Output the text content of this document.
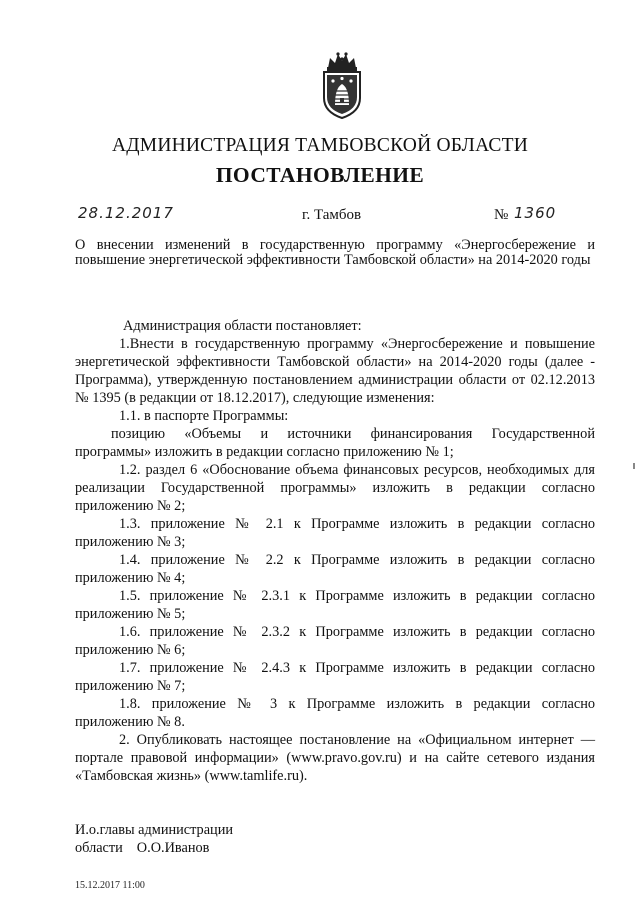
АДМИНИСТРАЦИЯ ТАМБОВСКОЙ ОБЛАСТИ
ПОСТАНОВЛЕНИЕ
28.12.2017	г. Тамбов	№ 1360
О внесении изменений в государственную программу «Энергосбережение и повышение энергетической эффективности Тамбовской области» на 2014-2020 годы

Администрация области постановляет:

1.Внести в государственную программу «Энергосбережение и повышение энергетической эффективности Тамбовской области» на 2014-2020 годы (далее - Программа), утвержденную постановлением администрации области от 02.12.2013 № 1395 (в редакции от 18.12.2017), следующие изменения:

1.1. в паспорте Программы:

позицию «Объемы и источники финансирования Государственной программы» изложить в редакции согласно приложению № 1;

1.2. раздел 6 «Обоснование объема финансовых ресурсов, необходимых для реализации Государственной программы» изложить в редакции согласно приложению № 2;

1.3. приложение № 2.1 к Программе изложить в редакции согласно приложению № 3;

1.4. приложение № 2.2 к Программе изложить в редакции согласно приложению № 4;

1.5. приложение № 2.3.1 к Программе изложить в редакции согласно приложению № 5;

1.6. приложение № 2.3.2 к Программе изложить в редакции согласно приложению № 6;

1.7. приложение № 2.4.3 к Программе изложить в редакции согласно приложению № 7;

1.8. приложение № 3 к Программе изложить в редакции согласно приложению № 8.

2. Опубликовать настоящее постановление на «Официальном интернет — портале правовой информации» (www.pravo.gov.ru) и на сайте сетевого издания «Тамбовская жизнь» (www.tamlife.ru).

И.о.главы администрации
области О.О.Иванов
15.12.2017 11:00
